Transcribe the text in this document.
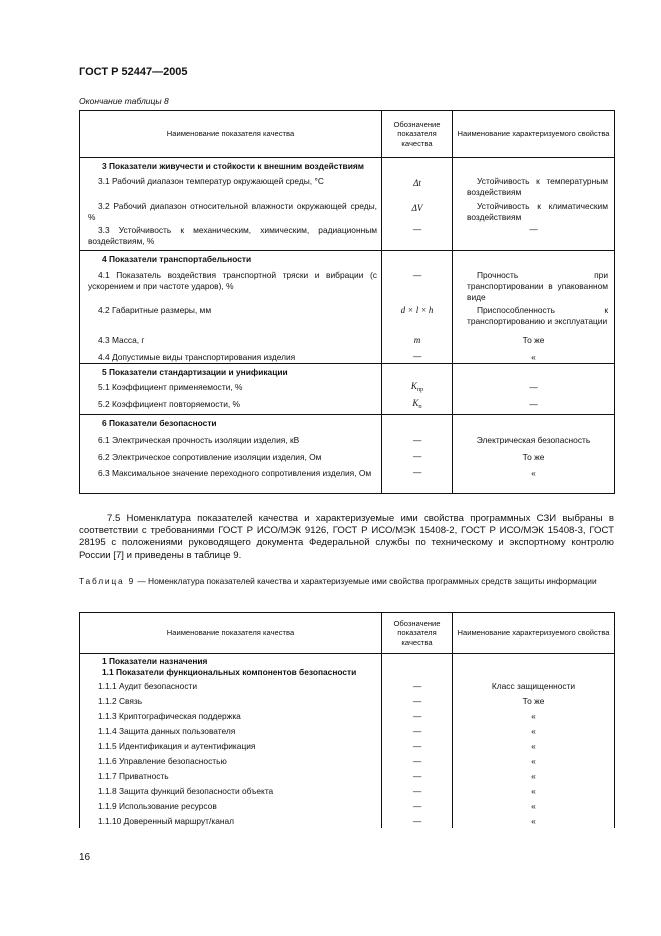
ГОСТ Р 52447—2005
Окончание таблицы 8
Наименование показателя качества	Обозначение показателя качества	Наименование характеризуемого свойства

3 Показатели живучести и стойкости к внешним воздействиям		

3.1 Рабочий диапазон температур окружающей среды, °С	Δt	Устойчивость к температурным воздействиям

3.2 Рабочий диапазон относительной влажности окружающей среды, %	ΔV	Устойчивость к климатическим воздействиям

3.3 Устойчивость к механическим, химическим, радиационным воздействиям, %	—	—

4 Показатели транспортабельности		

4.1 Показатель воздействия транспортной тряски и вибрации (с ускорением и при частоте ударов), %	—	Прочность при транспортировании в упакованном виде

4.2 Габаритные размеры, мм	d × l × h	Приспособленность к транспортированию и эксплуатации

4.3 Масса, г	m	То же

4.4 Допустимые виды транспортирования изделия	—	«

5 Показатели стандартизации и унификации		

5.1 Коэффициент применяемости, %	$K_{пр}$	—

5.2 Коэффициент повторяемости, %	$K_п$	—

6 Показатели безопасности		

6.1 Электрическая прочность изоляции изделия, кВ	—	Электрическая безопасность

6.2 Электрическое сопротивление изоляции изделия, Ом	—	То же

6.3 Максимальное значение переходного сопротивления изделия, Ом	—	«
7.5 Номенклатура показателей качества и характеризуемые ими свойства программных СЗИ выбраны в соответствии с требованиями ГОСТ Р ИСО/МЭК 9126, ГОСТ Р ИСО/МЭК 15408-2, ГОСТ Р ИСО/МЭК 15408-3, ГОСТ 28195 с положениями руководящего документа Федеральной службы по техническому и экспортному контролю России [7] и приведены в таблице 9.
Таблица 9 — Номенклатура показателей качества и характеризуемые ими свойства программных средств защиты информации
Наименование показателя качества	Обозначение показателя качества	Наименование характеризуемого свойства

1 Показатели назначения		

1.1 Показатели функциональных компонентов безопасности		

1.1.1 Аудит безопасности	—	Класс защищенности

1.1.2 Связь	—	То же

1.1.3 Криптографическая поддержка	—	«

1.1.4 Защита данных пользователя	—	«

1.1.5 Идентификация и аутентификация	—	«

1.1.6 Управление безопасностью	—	«

1.1.7 Приватность	—	«

1.1.8 Защита функций безопасности объекта	—	«

1.1.9 Использование ресурсов	—	«

1.1.10 Доверенный маршрут/канал	—	«
16
